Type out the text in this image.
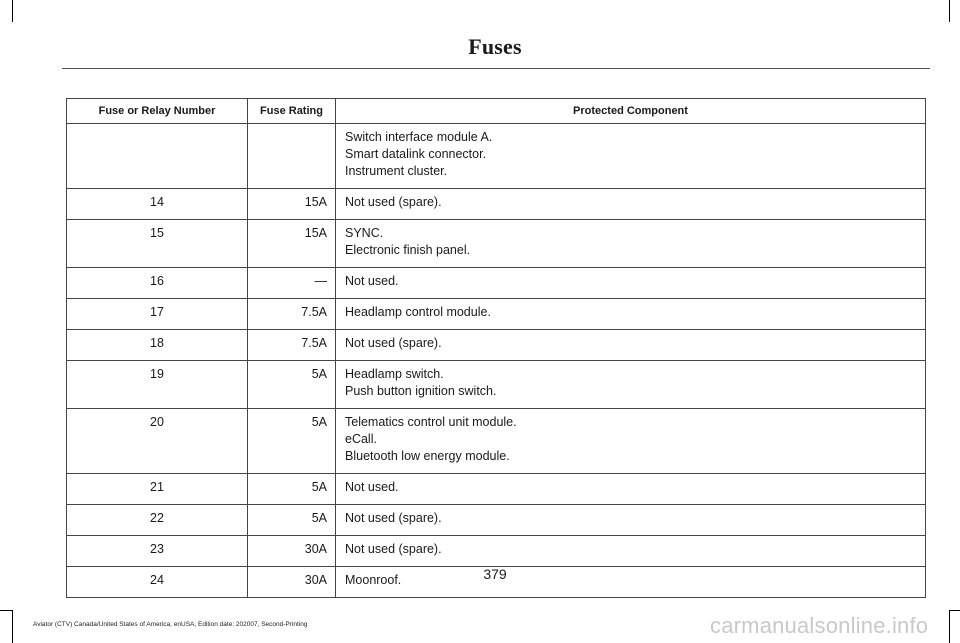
Fuses
Fuse or Relay Number	Fuse Rating	Protected Component

		Switch interface module A.
Smart datalink connector.
Instrument cluster.

14	15A	Not used (spare).

15	15A	SYNC.
Electronic finish panel.

16	—	Not used.

17	7.5A	Headlamp control module.

18	7.5A	Not used (spare).

19	5A	Headlamp switch.
Push button ignition switch.

20	5A	Telematics control unit module.
eCall.
Bluetooth low energy module.

21	5A	Not used.

22	5A	Not used (spare).

23	30A	Not used (spare).

24	30A	Moonroof.	379
Aviator (CTV) Canada/United States of America, enUSA, Edition date: 202007, Second-Printing	carmanualsonline.info
